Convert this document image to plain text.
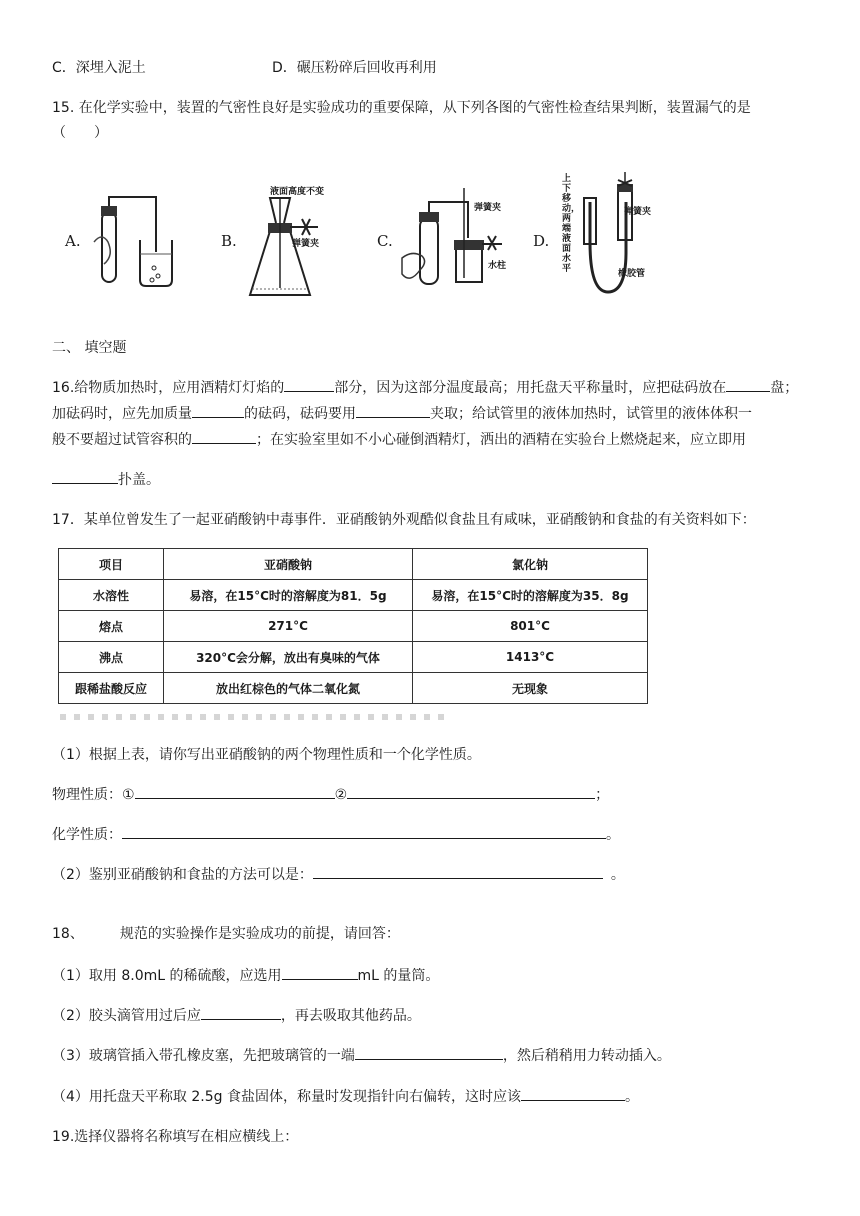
C．深埋入泥土	D．碾压粉碎后回收再利用
15. 在化学实验中，装置的气密性良好是实验成功的重要保障，从下列各图的气密性检查结果判断，装置漏气的是
（　　）
A.	B.
液面高度不变
弹簧夹	C.
弹簧夹
水柱
D.
上下移动，两端液面水平
弹簧夹
橡胶管
二、 填空题
16.给物质加热时，应用酒精灯灯焰的	部分，因为这部分温度最高；用托盘天平称量时，应把砝码放在	盘；
加砝码时，应先加质量	的砝码，砝码要用	夹取；给试管里的液体加热时，试管里的液体体积一
般不要超过试管容积的	；在实验室里如不小心碰倒酒精灯，洒出的酒精在实验台上燃烧起来，应立即用
扑盖。
17．某单位曾发生了一起亚硝酸钠中毒事件．亚硝酸钠外观酷似食盐且有咸味，亚硝酸钠和食盐的有关资料如下：
项目	亚硝酸钠	氯化钠
水溶性	易溶，在15°C时的溶解度为81．5g	易溶，在15°C时的溶解度为35．8g
熔点	271°C	801°C
沸点	320°C会分解，放出有臭味的气体	1413°C
跟稀盐酸反应	放出红棕色的气体二氧化氮	无现象
（1）根据上表，请你写出亚硝酸钠的两个物理性质和一个化学性质。
物理性质：①	②	；
化学性质：	。
（2）鉴别亚硝酸钠和食盐的方法可以是：	。
18、	规范的实验操作是实验成功的前提，请回答：
（1）取用 8.0mL 的稀硫酸，应选用	mL 的量筒。
（2）胶头滴管用过后应	，再去吸取其他药品。
（3）玻璃管插入带孔橡皮塞，先把玻璃管的一端	，然后稍稍用力转动插入。
（4）用托盘天平称取 2.5g 食盐固体，称量时发现指针向右偏转，这时应该	。
19.选择仪器将名称填写在相应横线上：
